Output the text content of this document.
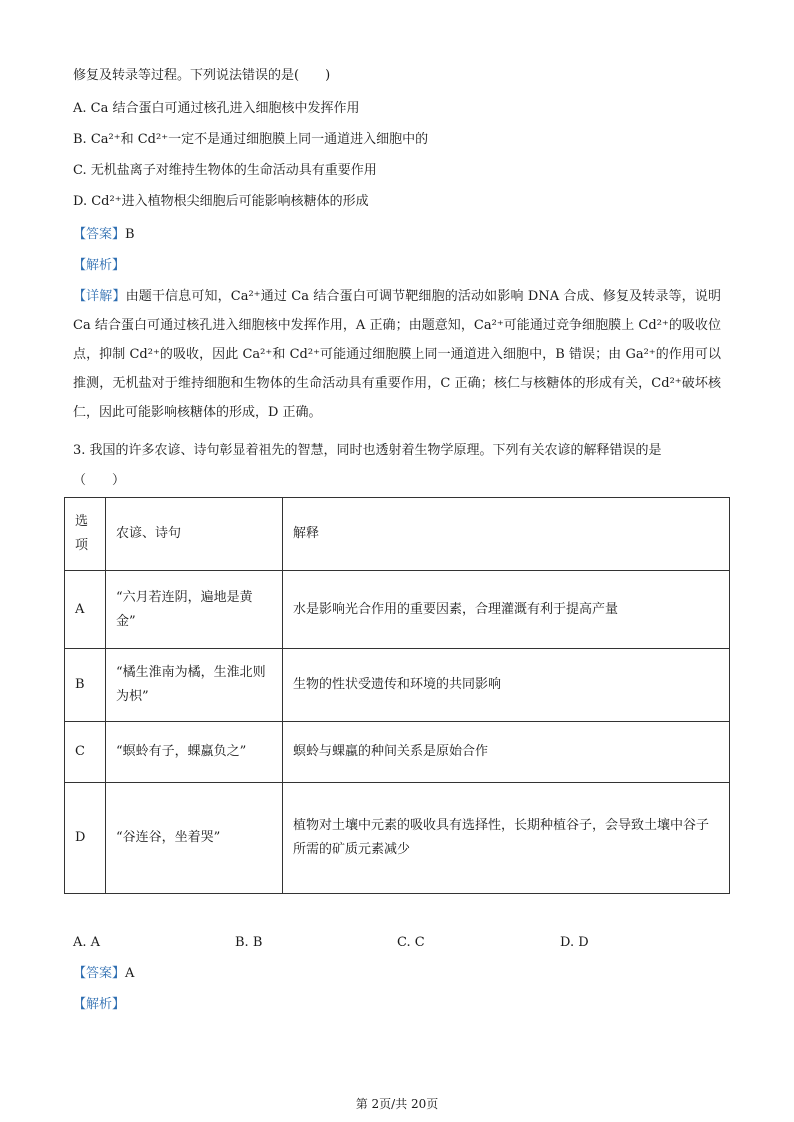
修复及转录等过程。下列说法错误的是(　　)
A. Ca 结合蛋白可通过核孔进入细胞核中发挥作用
B. Ca²⁺和 Cd²⁺一定不是通过细胞膜上同一通道进入细胞中的
C. 无机盐离子对维持生物体的生命活动具有重要作用
D. Cd²⁺进入植物根尖细胞后可能影响核糖体的形成
【答案】B
【解析】
【详解】由题干信息可知，Ca²⁺通过 Ca 结合蛋白可调节靶细胞的活动如影响 DNA 合成、修复及转录等，说明 Ca 结合蛋白可通过核孔进入细胞核中发挥作用，A 正确；由题意知，Ca²⁺可能通过竞争细胞膜上 Cd²⁺的吸收位点，抑制 Cd²⁺的吸收，因此 Ca²⁺和 Cd²⁺可能通过细胞膜上同一通道进入细胞中，B 错误；由 Ga²⁺的作用可以推测，无机盐对于维持细胞和生物体的生命活动具有重要作用，C 正确；核仁与核糖体的形成有关，Cd²⁺破坏核仁，因此可能影响核糖体的形成，D 正确。
3. 我国的许多农谚、诗句彰显着祖先的智慧，同时也透射着生物学原理。下列有关农谚的解释错误的是
（　　）
选项	农谚、诗句	解释
A	“六月若连阴，遍地是黄金”	水是影响光合作用的重要因素，合理灌溉有利于提高产量
B	“橘生淮南为橘，生淮北则为枳”	生物的性状受遗传和环境的共同影响
C	“螟蛉有子，蜾蠃负之”	螟蛉与蜾蠃的种间关系是原始合作
D	“谷连谷，坐着哭”	植物对土壤中元素的吸收具有选择性，长期种植谷子，会导致土壤中谷子所需的矿质元素减少
A. A	B. B	C. C	D. D
【答案】A
【解析】
第 2页/共 20页
